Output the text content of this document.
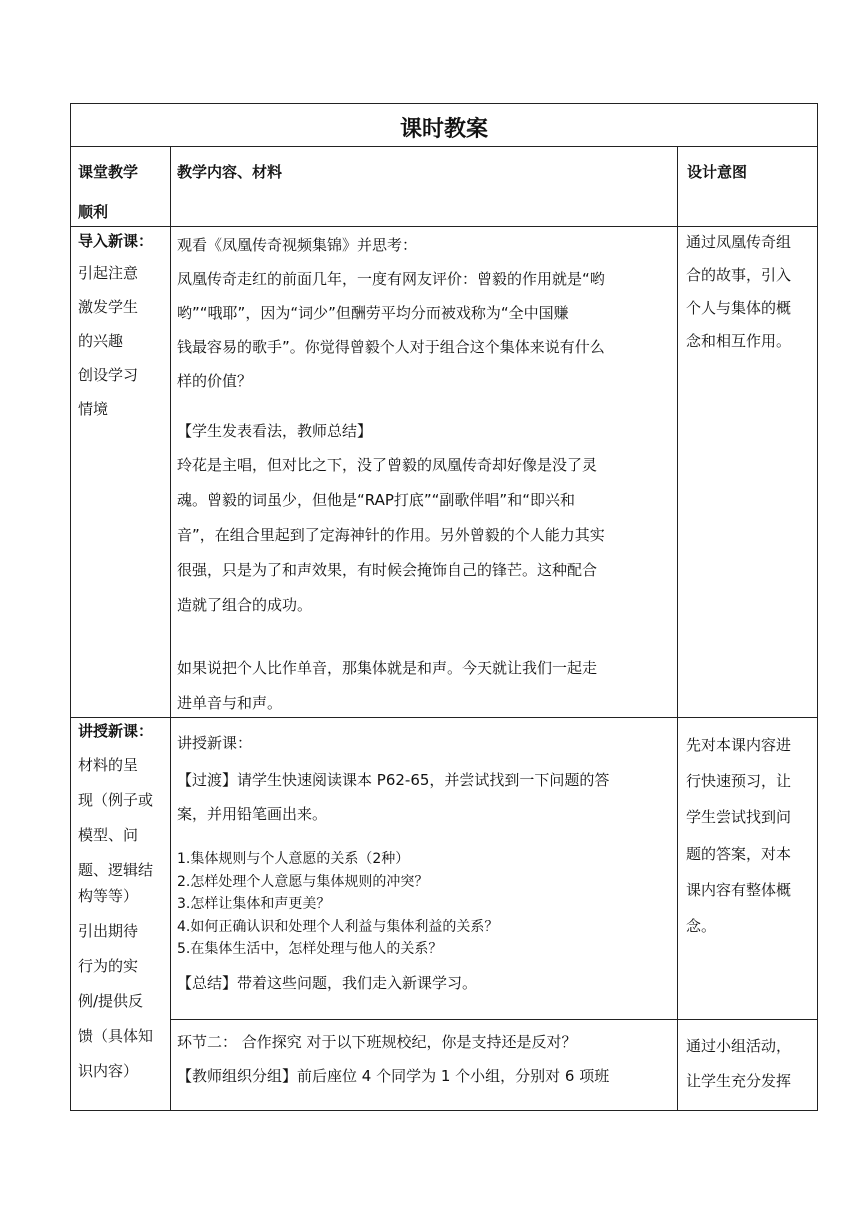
课时教案
课堂教学
顺利
教学内容、材料	设计意图
导入新课：
引起注意
激发学生
的兴趣
创设学习
情境
观看《凤凰传奇视频集锦》并思考：
凤凰传奇走红的前面几年，一度有网友评价：曾毅的作用就是“哟
哟”“哦耶”，因为“词少”但酬劳平均分而被戏称为“全中国赚
钱最容易的歌手”。你觉得曾毅个人对于组合这个集体来说有什么
样的价值？
【学生发表看法，教师总结】
玲花是主唱，但对比之下，没了曾毅的凤凰传奇却好像是没了灵
魂。曾毅的词虽少，但他是“RAP打底”“副歌伴唱”和“即兴和
音”，在组合里起到了定海神针的作用。另外曾毅的个人能力其实
很强，只是为了和声效果，有时候会掩饰自己的锋芒。这种配合
造就了组合的成功。
如果说把个人比作单音，那集体就是和声。今天就让我们一起走
进单音与和声。
通过凤凰传奇组
合的故事，引入
个人与集体的概
念和相互作用。
讲授新课：
材料的呈
现（例子或
模型、问
题、逻辑结
构等等）
引出期待
行为的实
例/提供反
馈（具体知
识内容）
讲授新课：
【过渡】请学生快速阅读课本 P62-65，并尝试找到一下问题的答
案，并用铅笔画出来。
1.集体规则与个人意愿的关系（2种）
2.怎样处理个人意愿与集体规则的冲突？
3.怎样让集体和声更美？
4.如何正确认识和处理个人利益与集体利益的关系？
5.在集体生活中，怎样处理与他人的关系？
【总结】带着这些问题，我们走入新课学习。
先对本课内容进
行快速预习，让
学生尝试找到问
题的答案，对本
课内容有整体概
念。
环节二： 合作探究 对于以下班规校纪，你是支持还是反对？
【教师组织分组】前后座位 4 个同学为 1 个小组，分别对 6 项班
通过小组活动，
让学生充分发挥
